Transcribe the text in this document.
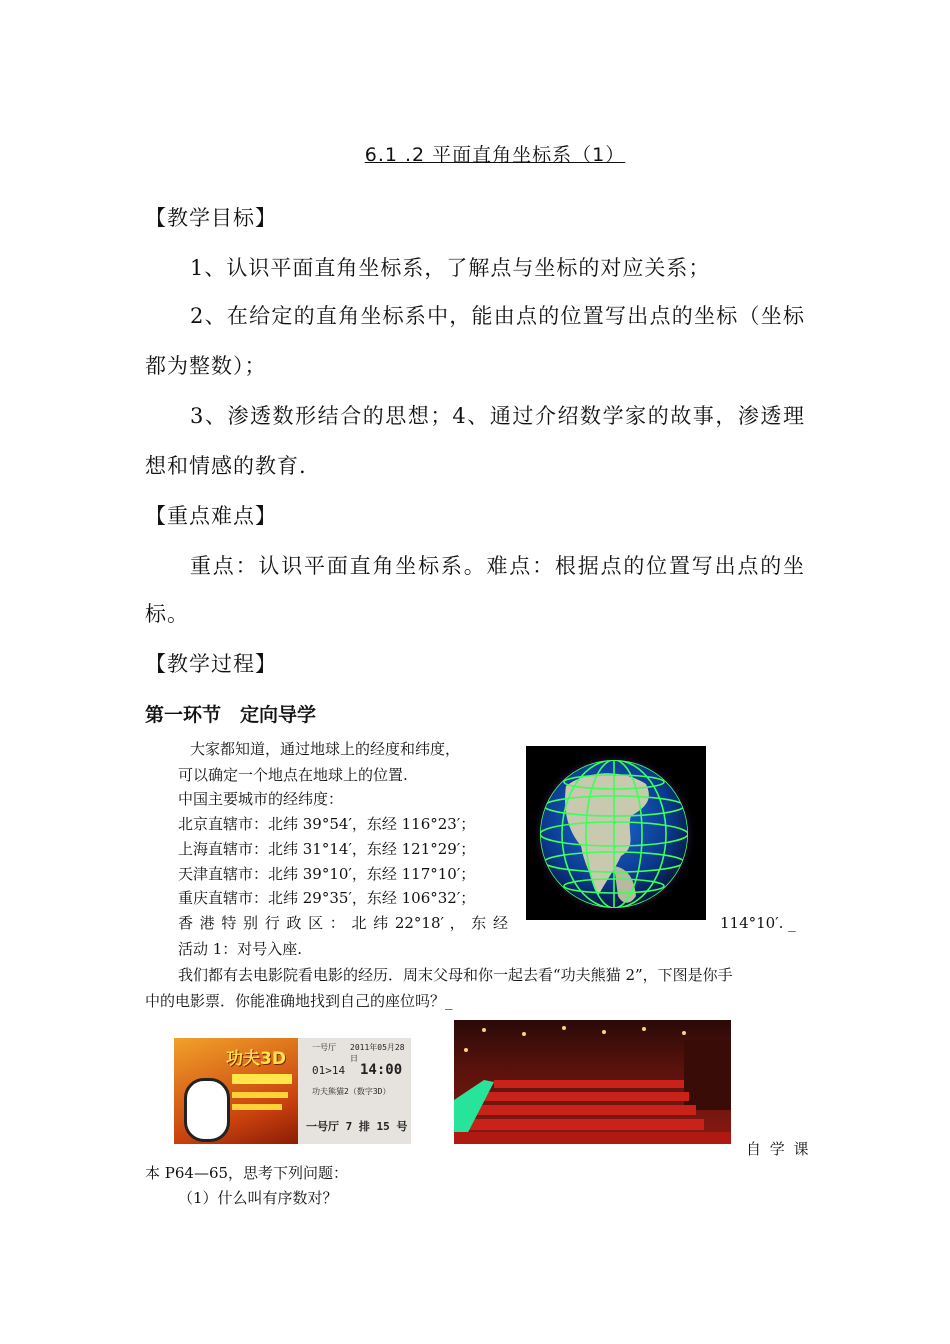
6.1 .2 平面直角坐标系（1）
【教学目标】
1、认识平面直角坐标系，了解点与坐标的对应关系；
2、在给定的直角坐标系中，能由点的位置写出点的坐标（坐标
都为整数）；
3、渗透数形结合的思想；4、通过介绍数学家的故事，渗透理
想和情感的教育.
【重点难点】
重点：认识平面直角坐标系。难点：根据点的位置写出点的坐
标。
【教学过程】
第一环节　定向导学
大家都知道，通过地球上的经度和纬度，
可以确定一个地点在地球上的位置.
中国主要城市的经纬度：
北京直辖市：北纬 39°54′，东经 116°23′；
上海直辖市：北纬 31°14′，东经 121°29′；
天津直辖市：北纬 39°10′，东经 117°10′；
重庆直辖市：北纬 29°35′，东经 106°32′；
香 港 特 别 行 政 区 ： 北 纬 22°18′ ， 东 经	114°10′. _
活动 1：对号入座.
我们都有去电影院看电影的经历．周末父母和你一起去看“功夫熊猫 2”，下图是你手
中的电影票．你能准确地找到自己的座位吗？_
功夫3D
一号厅 2011年05月28日
01>14 14:00
功夫熊猫2（数字3D）
一号厅 7 排 15 号
自 学 课
本 P64—65，思考下列问题：
（1）什么叫有序数对？
